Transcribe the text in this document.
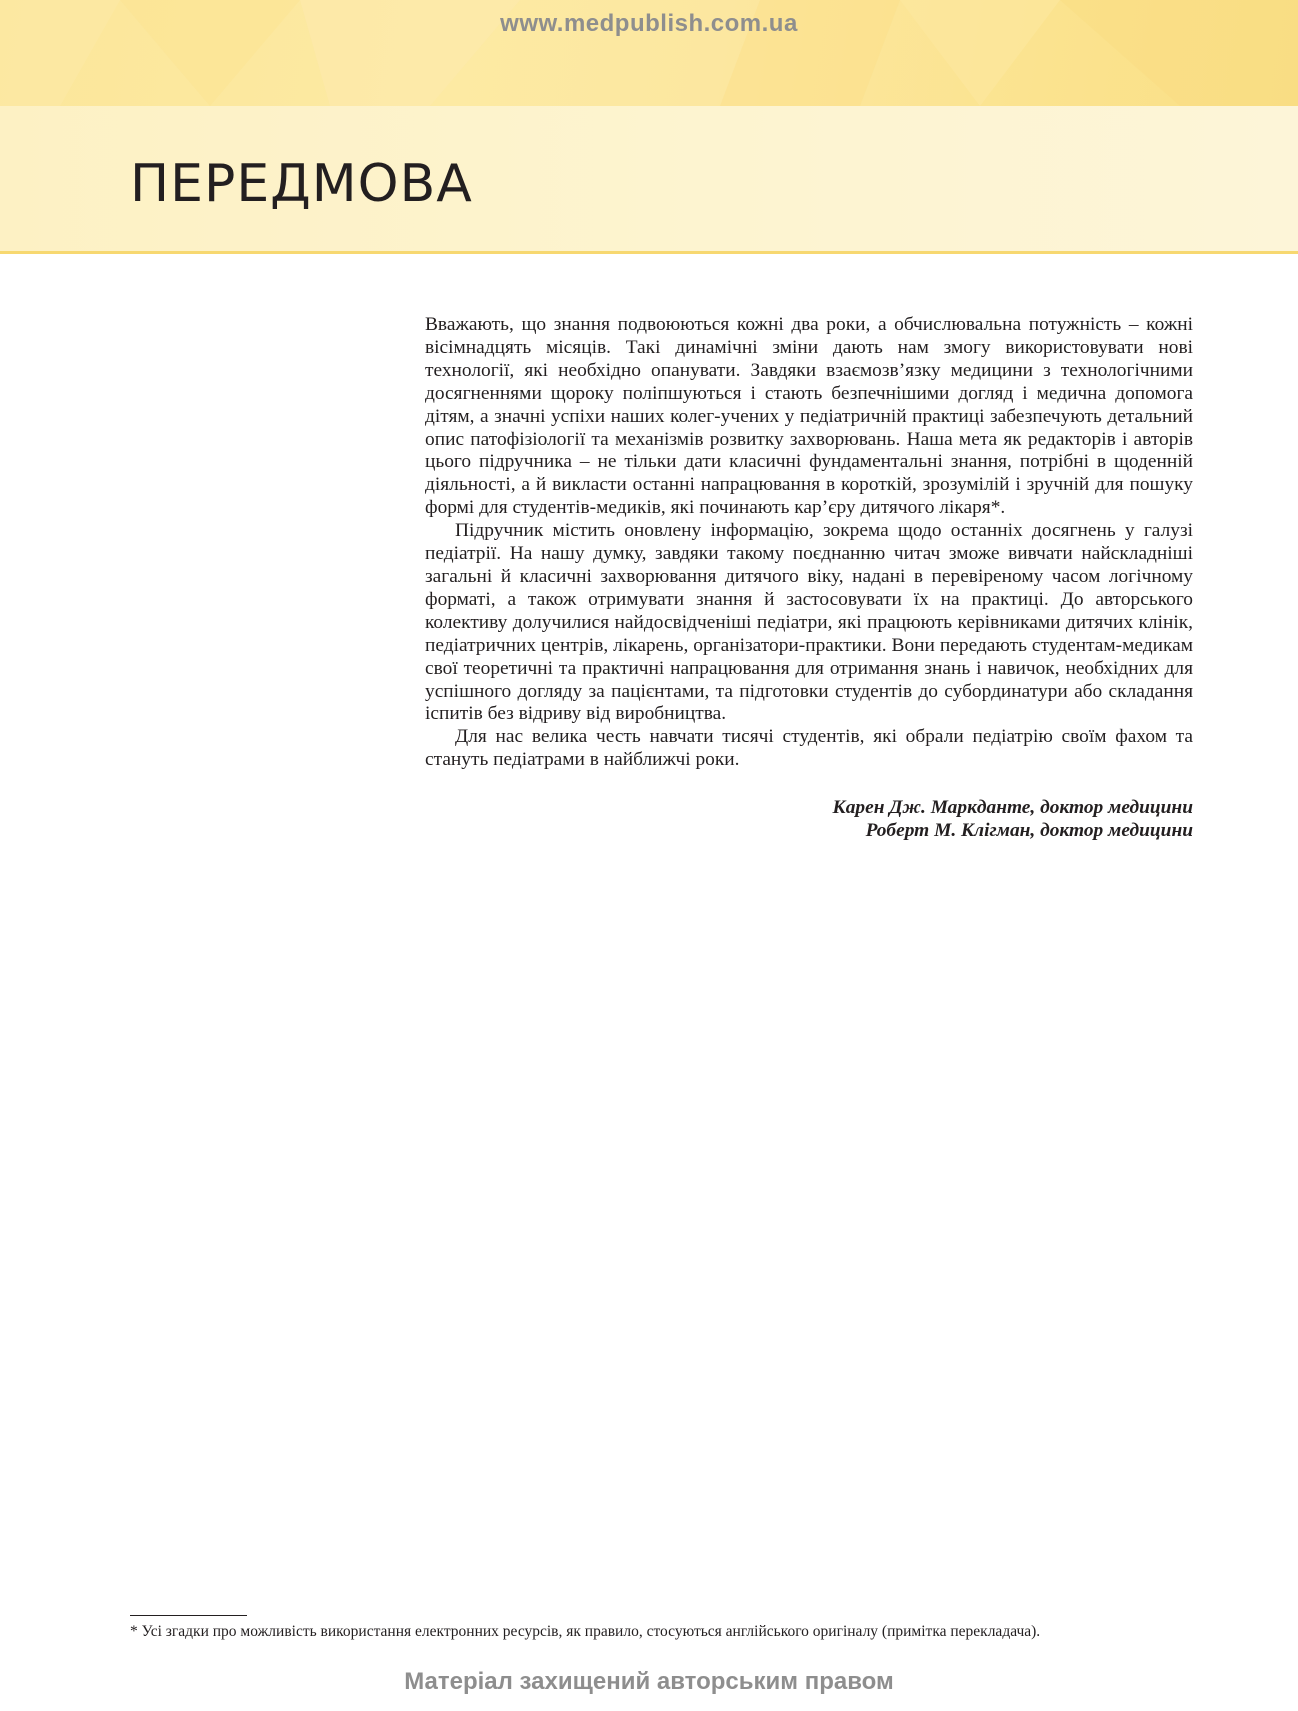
www.medpublish.com.ua
ПЕРЕДМОВА

Вважають, що знання подвоюються кожні два роки, а обчислювальна потужність – кожні вісімнадцять місяців. Такі динамічні зміни дають нам змогу використовувати нові технології, які необхідно опанувати. Завдяки взаємозв’язку медицини з технологічними досягненнями щороку поліпшуються і стають безпечнішими догляд і медична допомога дітям, а значні успіхи наших колег-учених у педіатричній практиці забезпечують детальний опис патофізіології та механізмів розвитку захворювань. Наша мета як редакторів і авторів цього підручника – не тільки дати класичні фундаментальні знання, потрібні в щоденній діяльності, а й викласти останні напрацювання в короткій, зрозумілій і зручній для пошуку формі для студентів-медиків, які починають кар’єру дитячого лікаря*.

Підручник містить оновлену інформацію, зокрема щодо останніх досягнень у галузі педіатрії. На нашу думку, завдяки такому поєднанню читач зможе вивчати найскладніші загальні й класичні захворювання дитячого віку, надані в перевіреному часом логічному форматі, а також отримувати знання й застосовувати їх на практиці. До авторського колективу долучилися найдосвідченіші педіатри, які працюють керівниками дитячих клінік, педіатричних центрів, лікарень, організатори-практики. Вони передають студентам-медикам свої теоретичні та практичні напрацювання для отримання знань і навичок, необхідних для успішного догляду за пацієнтами, та підготовки студентів до субординатури або складання іспитів без відриву від виробництва.

Для нас велика честь навчати тисячі студентів, які обрали педіатрію своїм фахом та стануть педіатрами в найближчі роки.

Карен Дж. Маркданте, доктор медицини
Роберт М. Клігман, доктор медицини
* Усі згадки про можливість використання електронних ресурсів, як правило, стосуються англійського оригіналу (примітка перекладача).
Матеріал захищений авторським правом
